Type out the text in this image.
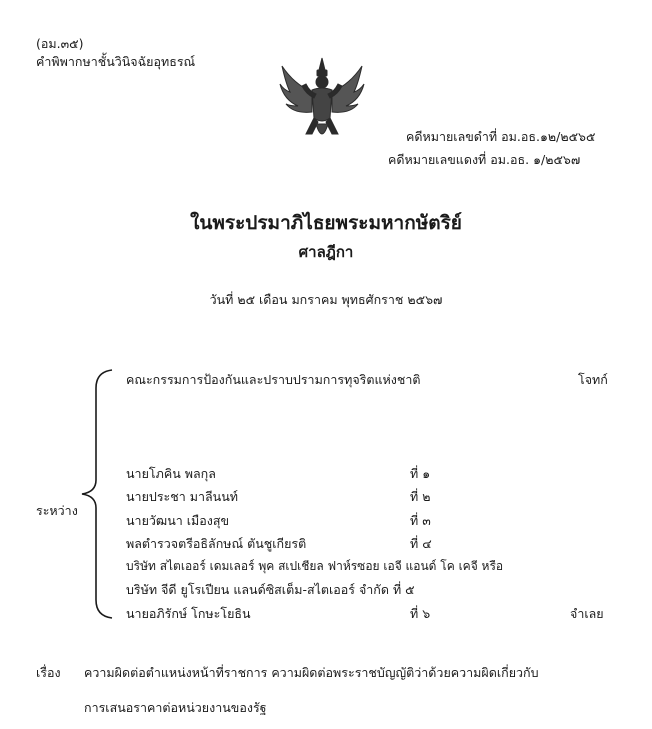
(อม.๓๕)
คำพิพากษาชั้นวินิจฉัยอุทธรณ์
คดีหมายเลขดำที่ อม.อธ.๑๒/๒๕๖๕
คดีหมายเลขแดงที่ อม.อธ. ๑/๒๕๖๗
ในพระปรมาภิไธยพระมหากษัตริย์
ศาลฎีกา
วันที่ ๒๕ เดือน มกราคม พุทธศักราช ๒๕๖๗
ระหว่าง
คณะกรรมการป้องกันและปราบปรามการทุจริตแห่งชาติ	โจทก์
นายโภคิน พลกุล	ที่ ๑
นายประชา มาลีนนท์	ที่ ๒
นายวัฒนา เมืองสุข	ที่ ๓
พลตำรวจตรีอธิลักษณ์ ตันชูเกียรติ	ที่ ๔
บริษัท สไตเออร์ เดมเลอร์ พุค สเปเชียล ฟาห์รซอย เอจี แอนด์ โค เคจี หรือ
บริษัท จีดี ยูโรเปียน แลนด์ซิสเต็ม-สไตเออร์ จำกัด ที่ ๕
นายอภิรักษ์ โกษะโยธิน	ที่ ๖	จำเลย
เรื่อง ความผิดต่อตำแหน่งหน้าที่ราชการ ความผิดต่อพระราชบัญญัติว่าด้วยความผิดเกี่ยวกับ
การเสนอราคาต่อหน่วยงานของรัฐ
